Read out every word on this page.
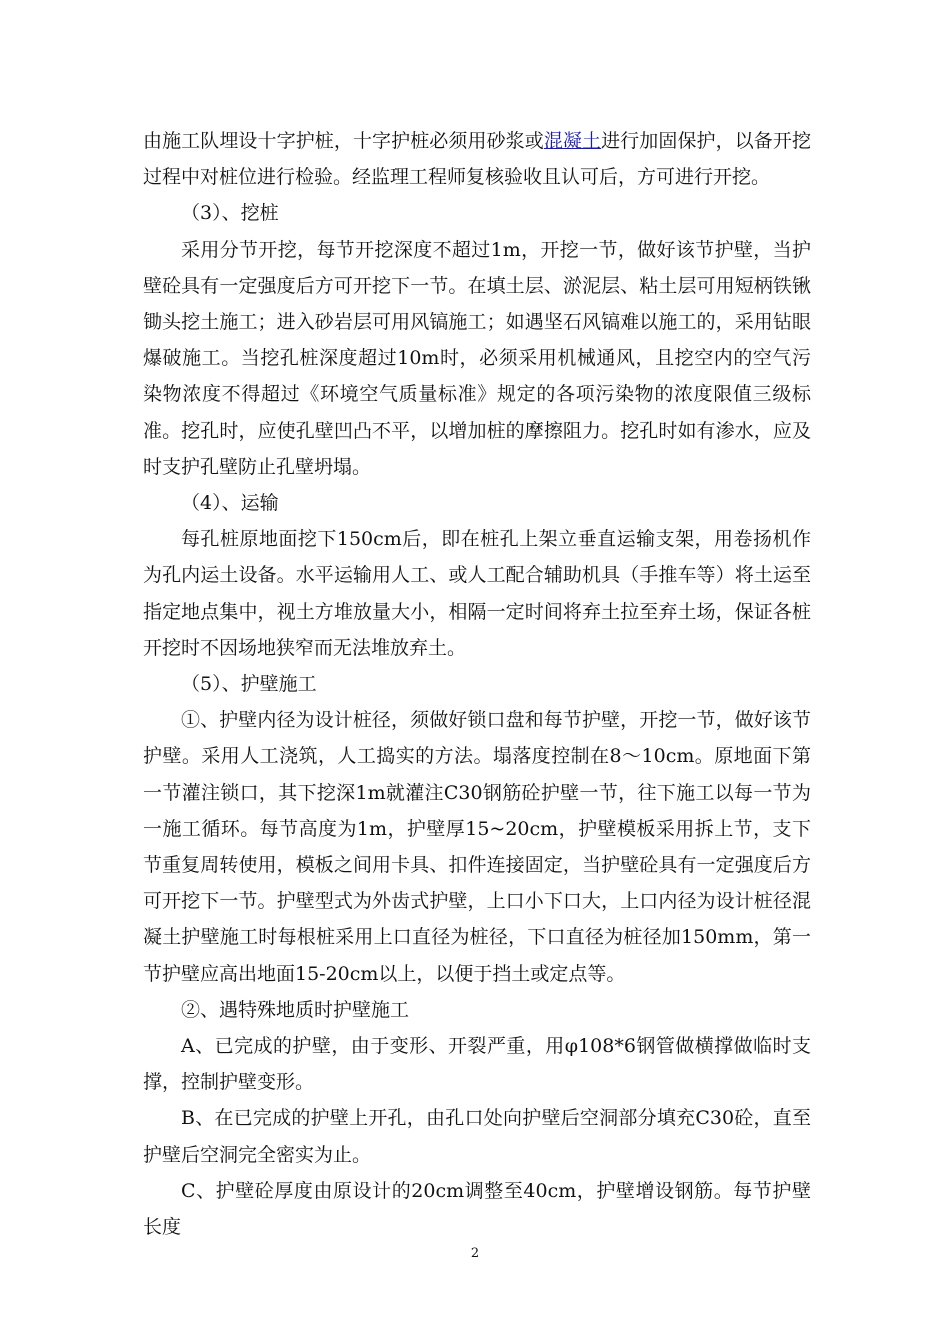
由施工队埋设十字护桩，十字护桩必须用砂浆或混凝土进行加固保护，以备开挖过程中对桩位进行检验。经监理工程师复核验收且认可后，方可进行开挖。

（3）、挖桩

采用分节开挖，每节开挖深度不超过1m，开挖一节，做好该节护壁，当护壁砼具有一定强度后方可开挖下一节。在填土层、淤泥层、粘土层可用短柄铁锹锄头挖土施工；进入砂岩层可用风镐施工；如遇坚石风镐难以施工的，采用钻眼爆破施工。当挖孔桩深度超过10m时，必须采用机械通风，且挖空内的空气污染物浓度不得超过《环境空气质量标准》规定的各项污染物的浓度限值三级标准。挖孔时，应使孔壁凹凸不平，以增加桩的摩擦阻力。挖孔时如有渗水，应及时支护孔壁防止孔壁坍塌。

（4）、运输

每孔桩原地面挖下150cm后，即在桩孔上架立垂直运输支架，用卷扬机作为孔内运土设备。水平运输用人工、或人工配合辅助机具（手推车等）将土运至指定地点集中，视土方堆放量大小，相隔一定时间将弃土拉至弃土场，保证各桩开挖时不因场地狭窄而无法堆放弃土。

（5）、护壁施工

①、护壁内径为设计桩径，须做好锁口盘和每节护壁，开挖一节，做好该节护壁。采用人工浇筑，人工捣实的方法。塌落度控制在8～10cm。原地面下第一节灌注锁口，其下挖深1m就灌注C30钢筋砼护壁一节，往下施工以每一节为一施工循环。每节高度为1m，护壁厚15~20cm，护壁模板采用拆上节，支下节重复周转使用，模板之间用卡具、扣件连接固定，当护壁砼具有一定强度后方可开挖下一节。护壁型式为外齿式护壁，上口小下口大，上口内径为设计桩径混凝土护壁施工时每根桩采用上口直径为桩径，下口直径为桩径加150mm，第一节护壁应高出地面15-20cm以上，以便于挡土或定点等。

②、遇特殊地质时护壁施工

A、已完成的护壁，由于变形、开裂严重，用φ108*6钢管做横撑做临时支撑，控制护壁变形。

B、在已完成的护壁上开孔，由孔口处向护壁后空洞部分填充C30砼，直至护壁后空洞完全密实为止。

C、护壁砼厚度由原设计的20cm调整至40cm，护壁增设钢筋。每节护壁长度

2
